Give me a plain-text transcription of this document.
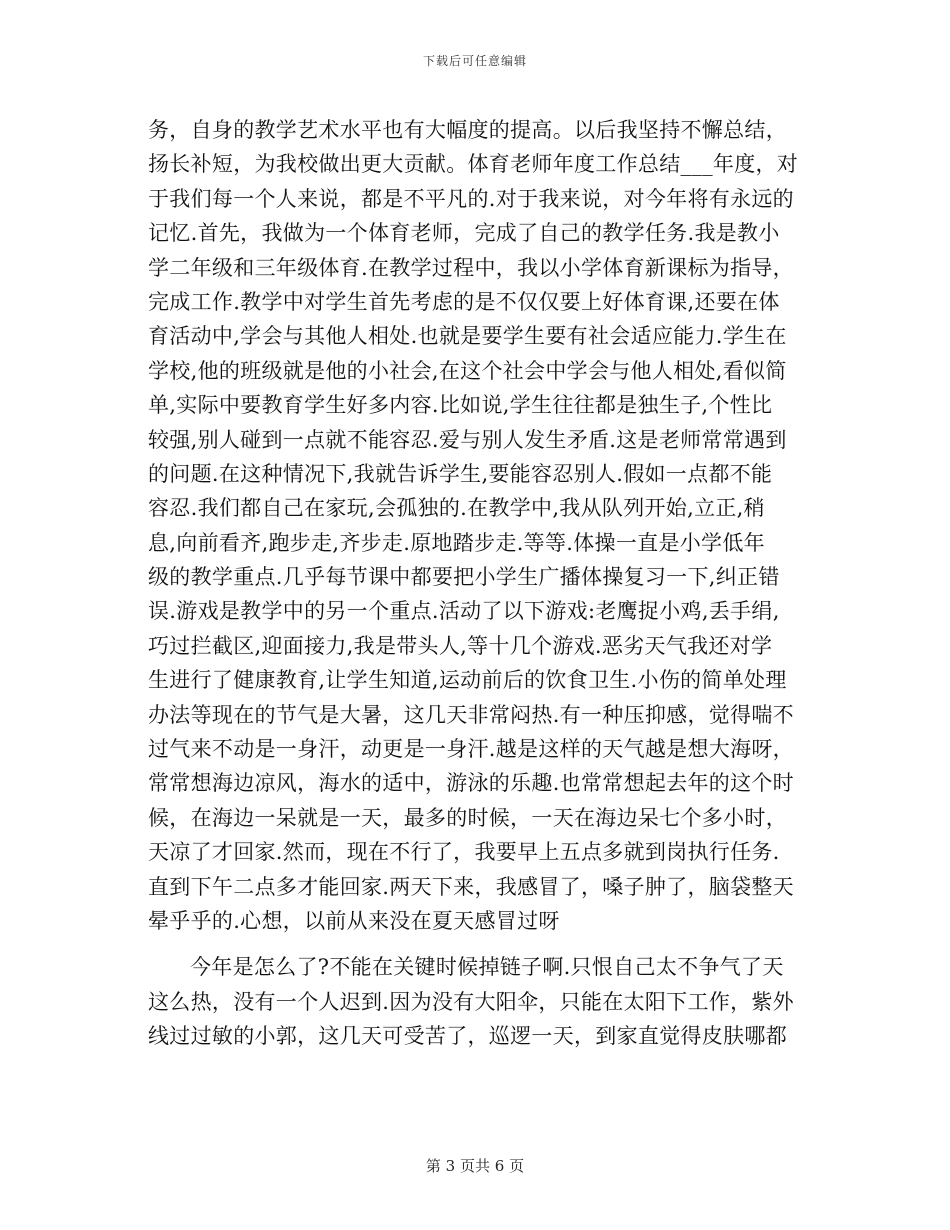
下载后可任意编辑
务，自身的教学艺术水平也有大幅度的提高。以后我坚持不懈总结，
扬长补短，为我校做出更大贡献。体育老师年度工作总结___年度，对
于我们每一个人来说，都是不平凡的.对于我来说，对今年将有永远的
记忆.首先，我做为一个体育老师，完成了自己的教学任务.我是教小
学二年级和三年级体育.在教学过程中，我以小学体育新课标为指导，
完成工作.教学中对学生首先考虑的是不仅仅要上好体育课,还要在体
育活动中,学会与其他人相处.也就是要学生要有社会适应能力.学生在
学校,他的班级就是他的小社会,在这个社会中学会与他人相处,看似简
单,实际中要教育学生好多内容.比如说,学生往往都是独生子,个性比
较强,别人碰到一点就不能容忍.爱与别人发生矛盾.这是老师常常遇到
的问题.在这种情况下,我就告诉学生,要能容忍别人.假如一点都不能
容忍.我们都自己在家玩,会孤独的.在教学中,我从队列开始,立正,稍
息,向前看齐,跑步走,齐步走.原地踏步走.等等.体操一直是小学低年
级的教学重点.几乎每节课中都要把小学生广播体操复习一下,纠正错
误.游戏是教学中的另一个重点.活动了以下游戏:老鹰捉小鸡,丢手绢,
巧过拦截区,迎面接力,我是带头人,等十几个游戏.恶劣天气我还对学
生进行了健康教育,让学生知道,运动前后的饮食卫生.小伤的简单处理
办法等现在的节气是大暑，这几天非常闷热.有一种压抑感，觉得喘不
过气来不动是一身汗，动更是一身汗.越是这样的天气越是想大海呀，
常常想海边凉风，海水的适中，游泳的乐趣.也常常想起去年的这个时
候，在海边一呆就是一天，最多的时候，一天在海边呆七个多小时，
天凉了才回家.然而，现在不行了，我要早上五点多就到岗执行任务.
直到下午二点多才能回家.两天下来，我感冒了，嗓子肿了，脑袋整天
晕乎乎的.心想，以前从来没在夏天感冒过呀
今年是怎么了?不能在关键时候掉链子啊.只恨自己太不争气了天
这么热，没有一个人迟到.因为没有大阳伞，只能在太阳下工作，紫外
线过过敏的小郭，这几天可受苦了，巡逻一天，到家直觉得皮肤哪都
第 3 页共 6 页
